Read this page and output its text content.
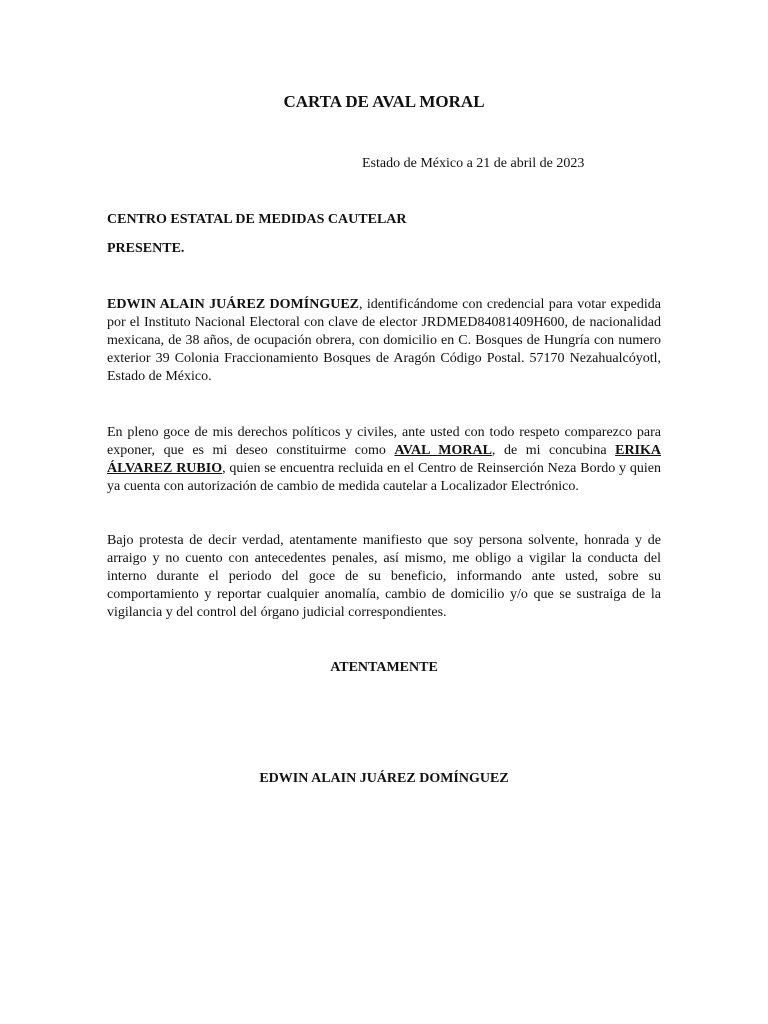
CARTA DE AVAL MORAL
Estado de México a 21 de abril de 2023
CENTRO ESTATAL DE MEDIDAS CAUTELAR
PRESENTE.
EDWIN ALAIN JUÁREZ DOMÍNGUEZ, identificándome con credencial para votar expedida por el Instituto Nacional Electoral con clave de elector JRDMED84081409H600, de nacionalidad mexicana, de 38 años, de ocupación obrera, con domicilio en C. Bosques de Hungría con numero exterior 39 Colonia Fraccionamiento Bosques de Aragón Código Postal. 57170 Nezahualcóyotl, Estado de México.
En pleno goce de mis derechos políticos y civiles, ante usted con todo respeto comparezco para exponer, que es mi deseo constituirme como AVAL MORAL, de mi concubina ERIKA ÁLVAREZ RUBIO, quien se encuentra recluida en el Centro de Reinserción Neza Bordo y quien ya cuenta con autorización de cambio de medida cautelar a Localizador Electrónico.
Bajo protesta de decir verdad, atentamente manifiesto que soy persona solvente, honrada y de arraigo y no cuento con antecedentes penales, así mismo, me obligo a vigilar la conducta del interno durante el periodo del goce de su beneficio, informando ante usted, sobre su comportamiento y reportar cualquier anomalía, cambio de domicilio y/o que se sustraiga de la vigilancia y del control del órgano judicial correspondientes.
ATENTAMENTE
EDWIN ALAIN JUÁREZ DOMÍNGUEZ
